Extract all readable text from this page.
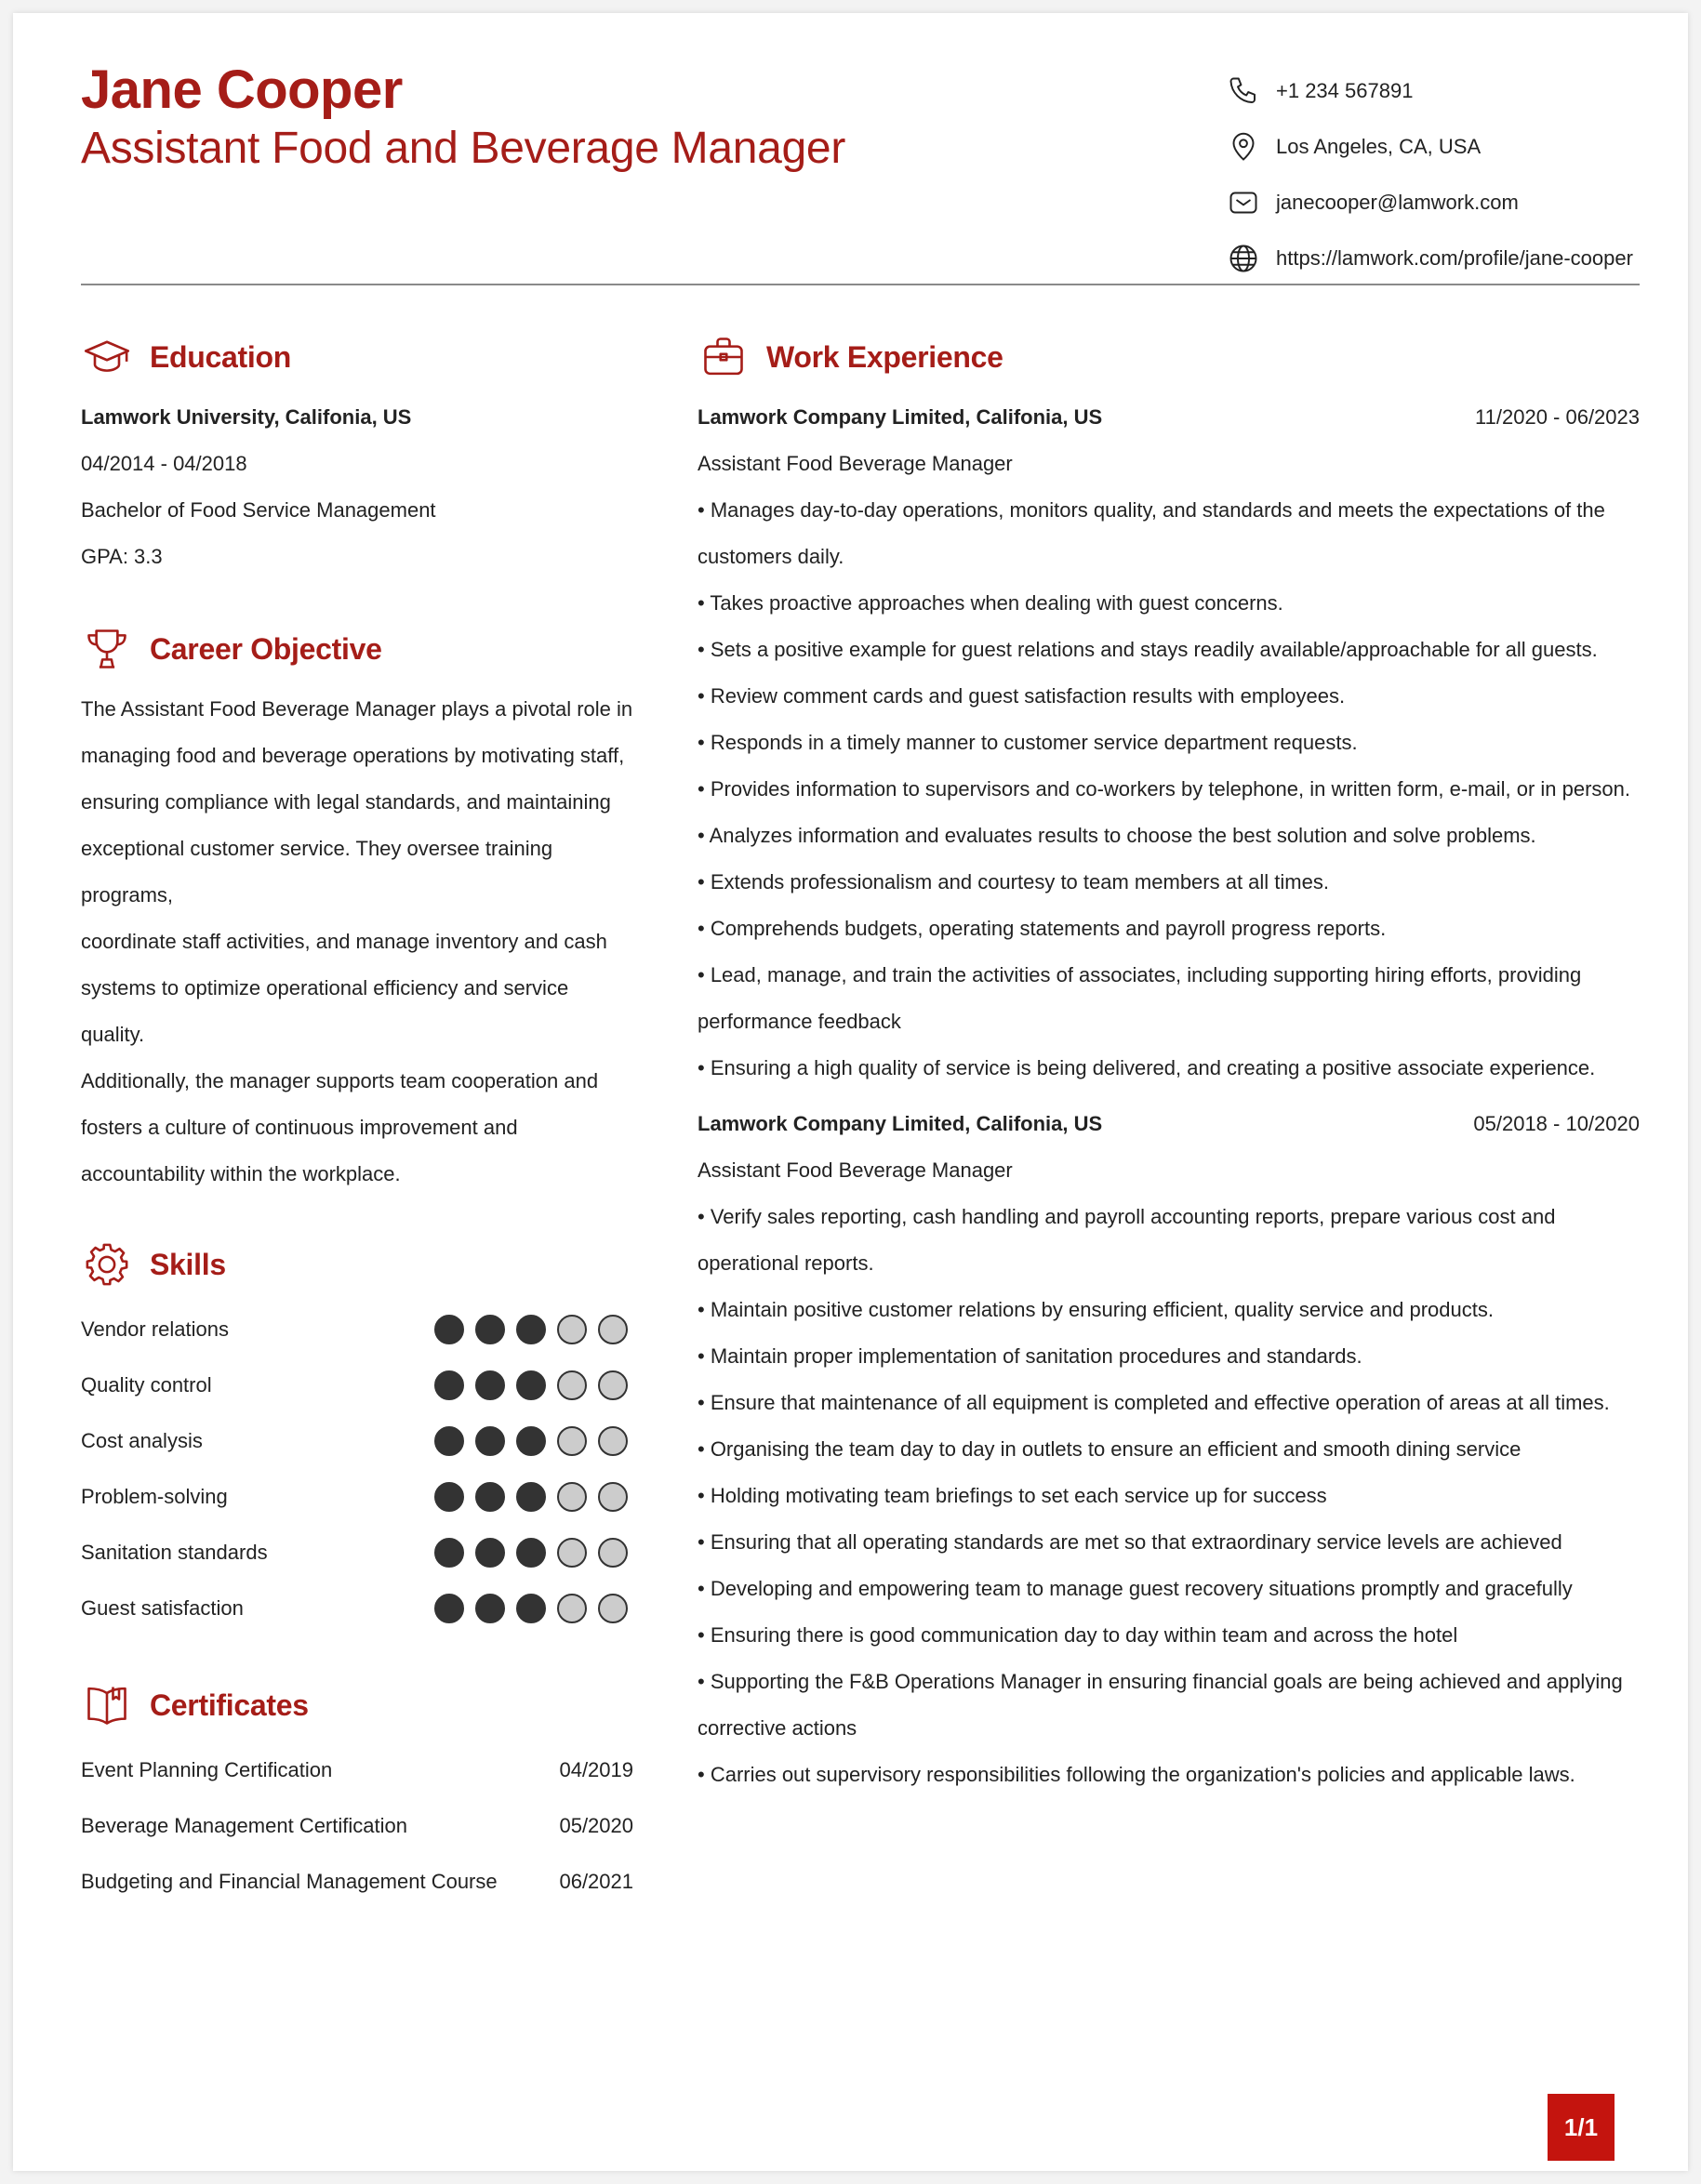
Jane Cooper
Assistant Food and Beverage Manager
+1 234 567891
Los Angeles, CA, USA
janecooper@lamwork.com
https://lamwork.com/profile/jane-cooper
Education
Lamwork University, Califonia, US
04/2014 - 04/2018
Bachelor of Food Service Management
GPA: 3.3
Career Objective
The Assistant Food Beverage Manager plays a pivotal role in
managing food and beverage operations by motivating staff,
ensuring compliance with legal standards, and maintaining
exceptional customer service. They oversee training programs,
coordinate staff activities, and manage inventory and cash
systems to optimize operational efficiency and service quality.
Additionally, the manager supports team cooperation and
fosters a culture of continuous improvement and
accountability within the workplace.
Skills
Vendor relations
Quality control
Cost analysis
Problem-solving
Sanitation standards
Guest satisfaction
Certificates
Event Planning Certification	04/2019
Beverage Management Certification	05/2020
Budgeting and Financial Management Course	06/2021
Work Experience
Lamwork Company Limited, Califonia, US	11/2020 - 06/2023
Assistant Food Beverage Manager
• Manages day-to-day operations, monitors quality, and standards and meets the expectations of the
customers daily.
• Takes proactive approaches when dealing with guest concerns.
• Sets a positive example for guest relations and stays readily available/approachable for all guests.
• Review comment cards and guest satisfaction results with employees.
• Responds in a timely manner to customer service department requests.
• Provides information to supervisors and co-workers by telephone, in written form, e-mail, or in person.
• Analyzes information and evaluates results to choose the best solution and solve problems.
• Extends professionalism and courtesy to team members at all times.
• Comprehends budgets, operating statements and payroll progress reports.
• Lead, manage, and train the activities of associates, including supporting hiring efforts, providing
performance feedback
• Ensuring a high quality of service is being delivered, and creating a positive associate experience.
Lamwork Company Limited, Califonia, US	05/2018 - 10/2020
Assistant Food Beverage Manager
• Verify sales reporting, cash handling and payroll accounting reports, prepare various cost and
operational reports.
• Maintain positive customer relations by ensuring efficient, quality service and products.
• Maintain proper implementation of sanitation procedures and standards.
• Ensure that maintenance of all equipment is completed and effective operation of areas at all times.
• Organising the team day to day in outlets to ensure an efficient and smooth dining service
• Holding motivating team briefings to set each service up for success
• Ensuring that all operating standards are met so that extraordinary service levels are achieved
• Developing and empowering team to manage guest recovery situations promptly and gracefully
• Ensuring there is good communication day to day within team and across the hotel
• Supporting the F&B Operations Manager in ensuring financial goals are being achieved and applying
corrective actions
• Carries out supervisory responsibilities following the organization's policies and applicable laws.
1/1
